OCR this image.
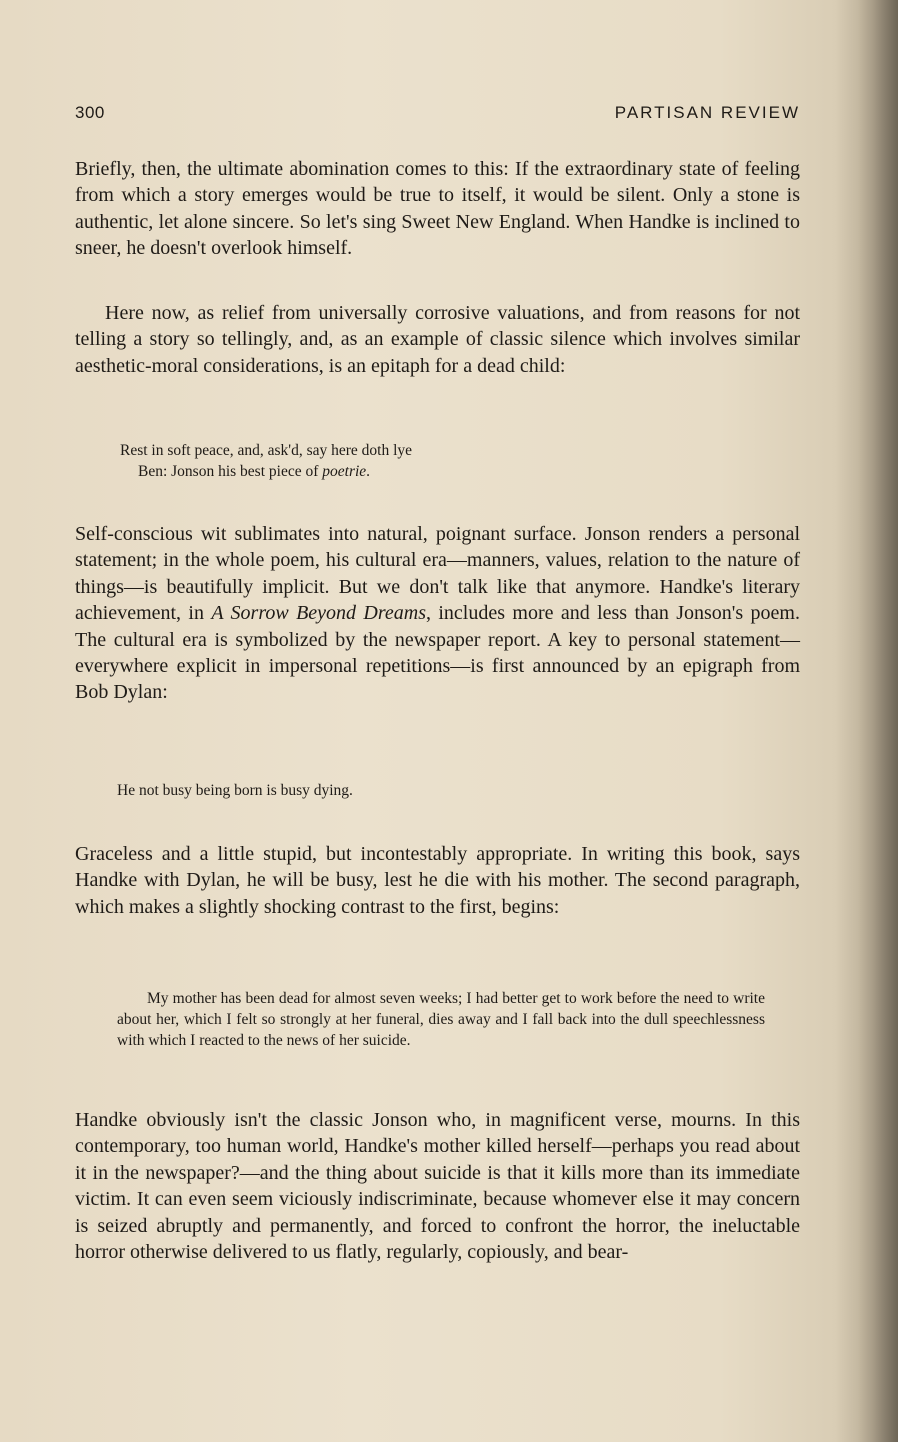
300	PARTISAN REVIEW

Briefly, then, the ultimate abomination comes to this: If the extraordinary state of feeling from which a story emerges would be true to itself, it would be silent. Only a stone is authentic, let alone sincere. So let's sing Sweet New England. When Handke is inclined to sneer, he doesn't overlook himself.

Here now, as relief from universally corrosive valuations, and from reasons for not telling a story so tellingly, and, as an example of classic silence which involves similar aesthetic-moral considerations, is an epitaph for a dead child:

Rest in soft peace, and, ask'd, say here doth lye

Ben: Jonson his best piece of poetrie.

Self-conscious wit sublimates into natural, poignant surface. Jonson renders a personal statement; in the whole poem, his cultural era—manners, values, relation to the nature of things—is beautifully implicit. But we don't talk like that anymore. Handke's literary achievement, in A Sorrow Beyond Dreams, includes more and less than Jonson's poem. The cultural era is symbolized by the newspaper report. A key to personal statement—everywhere explicit in impersonal repetitions—is first announced by an epigraph from Bob Dylan:

He not busy being born is busy dying.

Graceless and a little stupid, but incontestably appropriate. In writing this book, says Handke with Dylan, he will be busy, lest he die with his mother. The second paragraph, which makes a slightly shocking contrast to the first, begins:

My mother has been dead for almost seven weeks; I had better get to work before the need to write about her, which I felt so strongly at her funeral, dies away and I fall back into the dull speechlessness with which I reacted to the news of her suicide.

Handke obviously isn't the classic Jonson who, in magnificent verse, mourns. In this contemporary, too human world, Handke's mother killed herself—perhaps you read about it in the newspaper?—and the thing about suicide is that it kills more than its immediate victim. It can even seem viciously indiscriminate, because whomever else it may concern is seized abruptly and permanently, and forced to confront the horror, the ineluctable horror otherwise delivered to us flatly, regularly, copiously, and bear-
